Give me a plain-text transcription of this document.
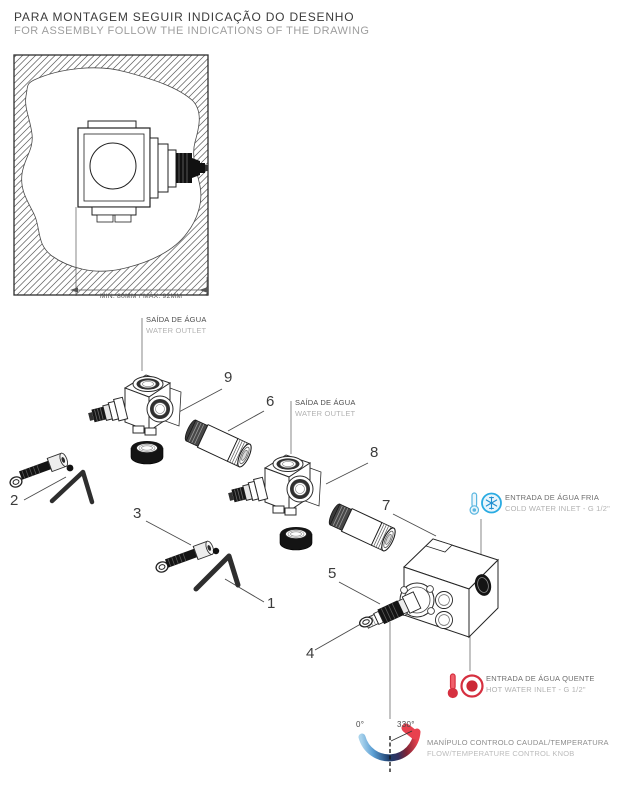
PARA MONTAGEM SEGUIR INDICAÇÃO DO DESENHO
FOR ASSEMBLY FOLLOW THE INDICATIONS OF THE DRAWING
MIN. 80MM / MÁX. 92MM
SAÍDA DE ÁGUA
WATER OUTLET
SAÍDA DE ÁGUA
WATER OUTLET
ENTRADA DE ÁGUA FRIA
COLD WATER INLET - G 1/2"
ENTRADA DE ÁGUA QUENTE
HOT WATER INLET - G 1/2"
MANÍPULO CONTROLO CAUDAL/TEMPERATURA
FLOW/TEMPERATURE CONTROL KNOB
0°	330°
1
2
3
4
5
6
7
8
9
